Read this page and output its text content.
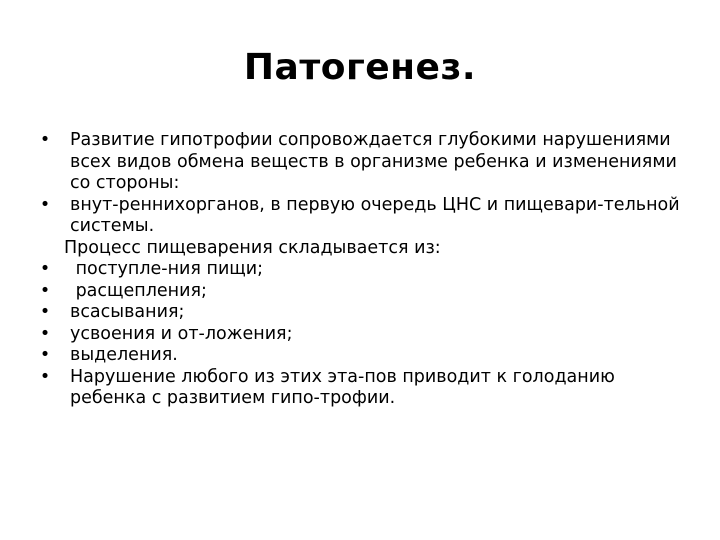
Патогенез.
• Развитие гипотрофии сопровождается глубокими нарушениями всех видов обмена веществ в организме ребенка и изменениями со стороны:
• внут-реннихорганов, в первую очередь ЦНС и пищевари-тельной системы.
Процесс пищеварения складывается из:
• поступле-ния пищи;
• расщепления;
• всасывания;
• усвоения и от-ложения;
• выделения.
• Нарушение любого из этих эта-пов приводит к голоданию ребенка с развитием гипо-трофии.
